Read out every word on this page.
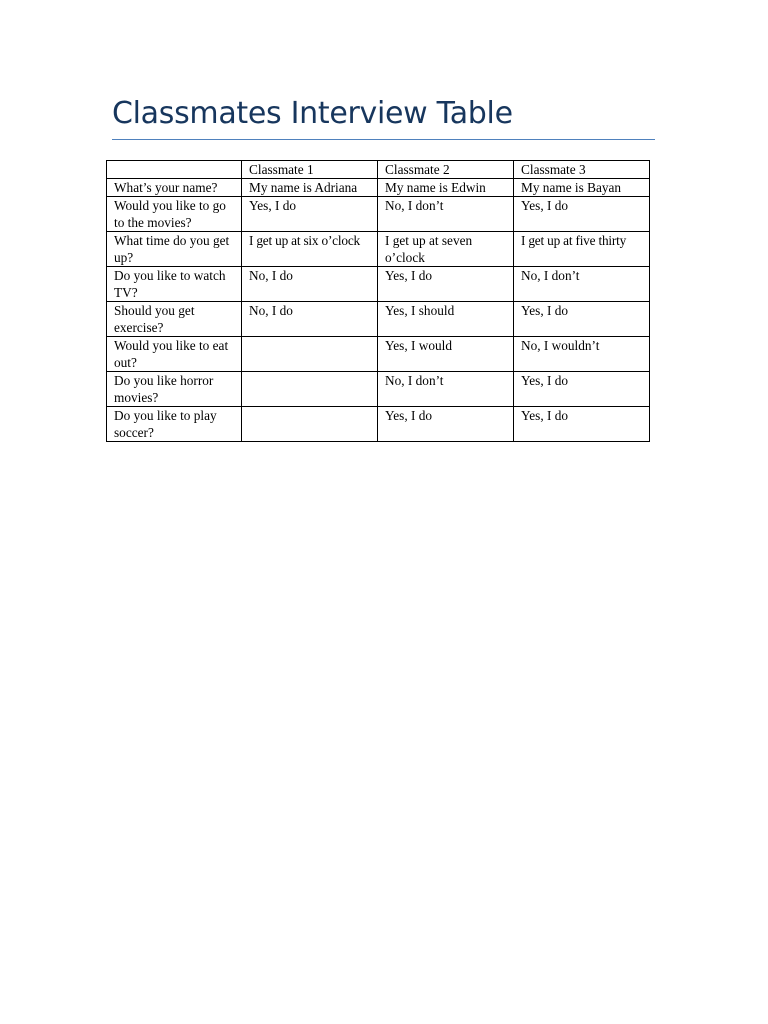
Classmates Interview Table
	Classmate 1	Classmate 2	Classmate 3
What’s your name?	My name is Adriana	My name is Edwin	My name is Bayan
Would you like to go to the movies?	Yes, I do	No, I don’t	Yes, I do
What time do you get up?	I get up at six o’clock	I get up at seven o’clock	I get up at five thirty
Do you like to watch TV?	No, I do	Yes, I do	No, I don’t
Should you get exercise?	No, I do	Yes, I should	Yes, I do
Would you like to eat out?		Yes, I would	No, I wouldn’t
Do you like horror movies?		No, I don’t	Yes, I do
Do you like to play soccer?		Yes, I do	Yes, I do
